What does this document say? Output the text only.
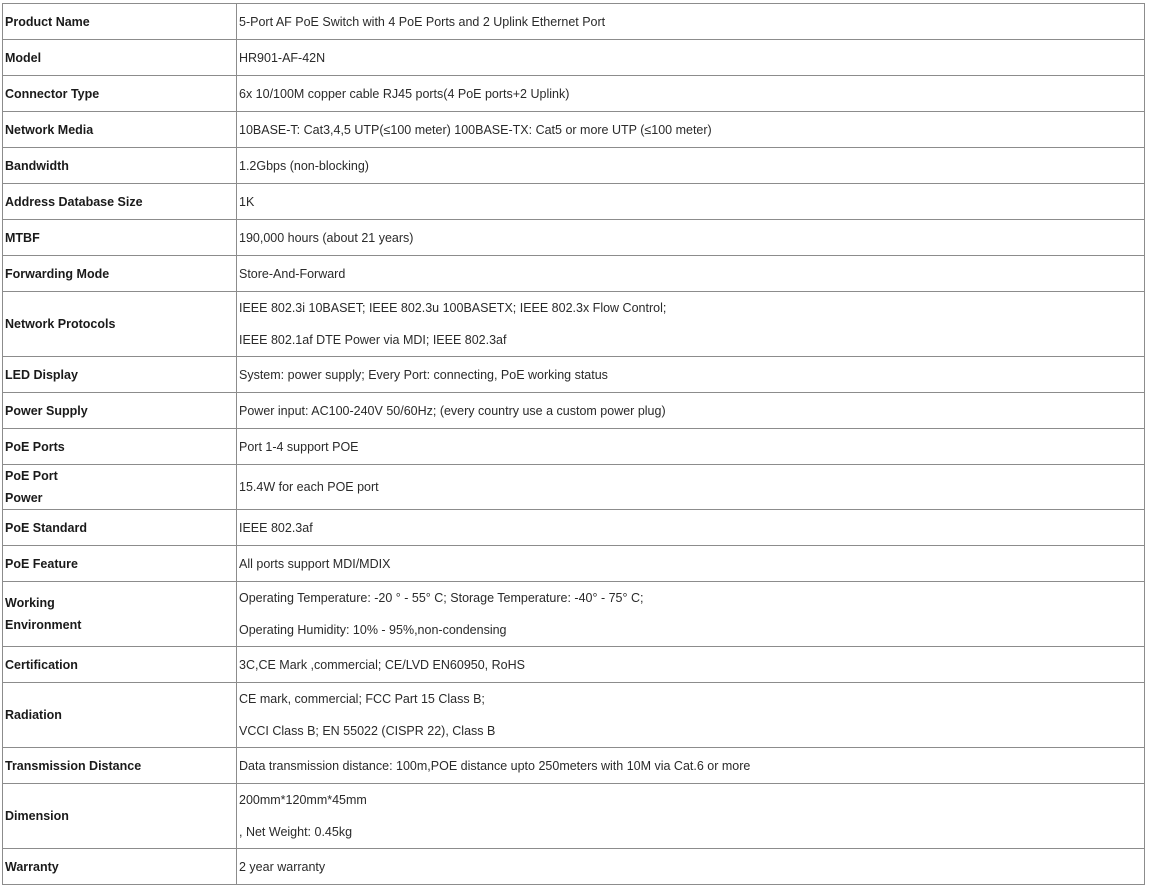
Product Name	5-Port AF PoE Switch with 4 PoE Ports and 2 Uplink Ethernet Port

Model	HR901-AF-42N

Connector Type	6x 10/100M copper cable RJ45 ports(4 PoE ports+2 Uplink)

Network Media	10BASE-T: Cat3,4,5 UTP(≤100 meter) 100BASE-TX: Cat5 or more UTP (≤100 meter)

Bandwidth	1.2Gbps (non-blocking)

Address Database Size	1K

MTBF	190,000 hours (about 21 years)

Forwarding Mode	Store-And-Forward

Network Protocols	IEEE 802.3i 10BASET; IEEE 802.3u 100BASETX; IEEE 802.3x Flow Control;
IEEE 802.1af DTE Power via MDI; IEEE 802.3af

LED Display	System: power supply; Every Port: connecting, PoE working status

Power Supply	Power input: AC100-240V 50/60Hz; (every country use a custom power plug)

PoE Ports	Port 1-4 support POE

PoE Port
Power	15.4W for each POE port

PoE Standard	IEEE 802.3af

PoE Feature	All ports support MDI/MDIX

Working
Environment	Operating Temperature: -20 ° - 55° C; Storage Temperature: -40° - 75° C;
Operating Humidity: 10% - 95%,non-condensing

Certification	3C,CE Mark ,commercial; CE/LVD EN60950, RoHS

Radiation	CE mark, commercial; FCC Part 15 Class B;
VCCI Class B; EN 55022 (CISPR 22), Class B

Transmission Distance	Data transmission distance: 100m,POE distance upto 250meters with 10M via Cat.6 or more

Dimension	200mm*120mm*45mm
, Net Weight: 0.45kg

Warranty	2 year warranty
